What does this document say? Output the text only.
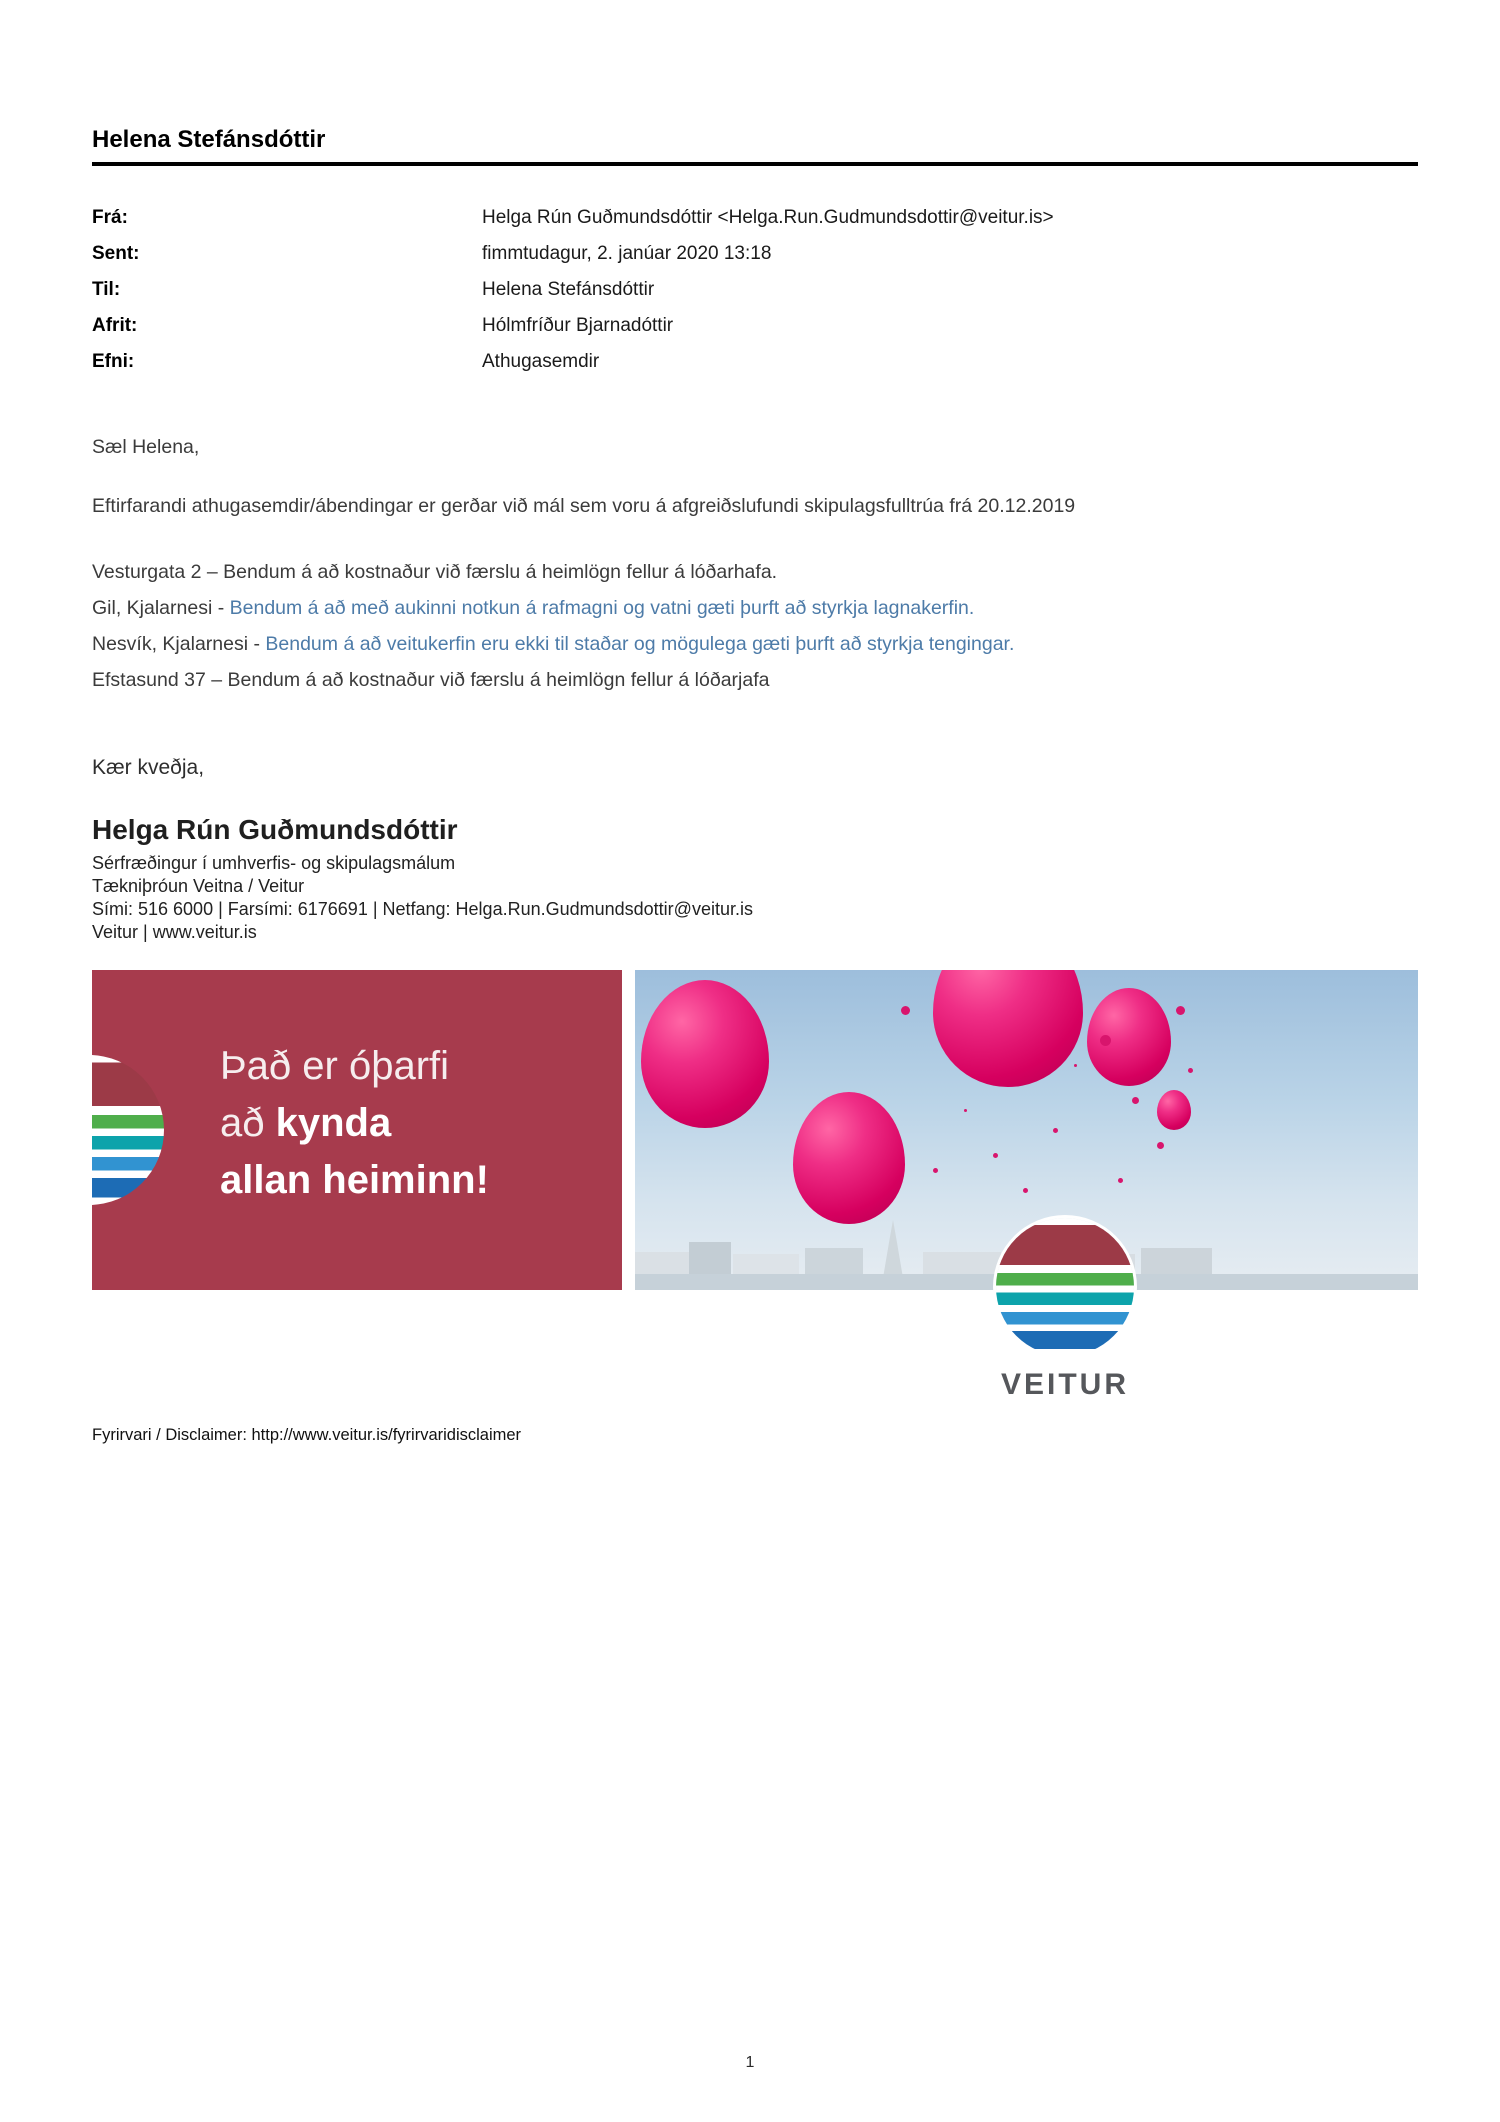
Helena Stefánsdóttir
Frá:	Helga Rún Guðmundsdóttir <Helga.Run.Gudmundsdottir@veitur.is>
Sent:	fimmtudagur, 2. janúar 2020 13:18
Til:	Helena Stefánsdóttir
Afrit:	Hólmfríður Bjarnadóttir
Efni:	Athugasemdir
Sæl Helena,
Eftirfarandi athugasemdir/ábendingar er gerðar við mál sem voru á afgreiðslufundi skipulagsfulltrúa frá 20.12.2019
Vesturgata 2 – Bendum á að kostnaður við færslu á heimlögn fellur á lóðarhafa.
Gil, Kjalarnesi - Bendum á að með aukinni notkun á rafmagni og vatni gæti þurft að styrkja lagnakerfin.
Nesvík, Kjalarnesi - Bendum á að veitukerfin eru ekki til staðar og mögulega gæti þurft að styrkja tengingar.
Efstasund 37 – Bendum á að kostnaður við færslu á heimlögn fellur á lóðarjafa
Kær kveðja,
Helga Rún Guðmundsdóttir
Sérfræðingur í umhverfis- og skipulagsmálum
Tækniþróun Veitna / Veitur
Sími: 516 6000 | Farsími: 6176691 | Netfang: Helga.Run.Gudmundsdottir@veitur.is
Veitur | www.veitur.is
Það er óþarfi
að kynda
allan heiminn!
VEITUR
Fyrirvari / Disclaimer: http://www.veitur.is/fyrirvaridisclaimer
1
